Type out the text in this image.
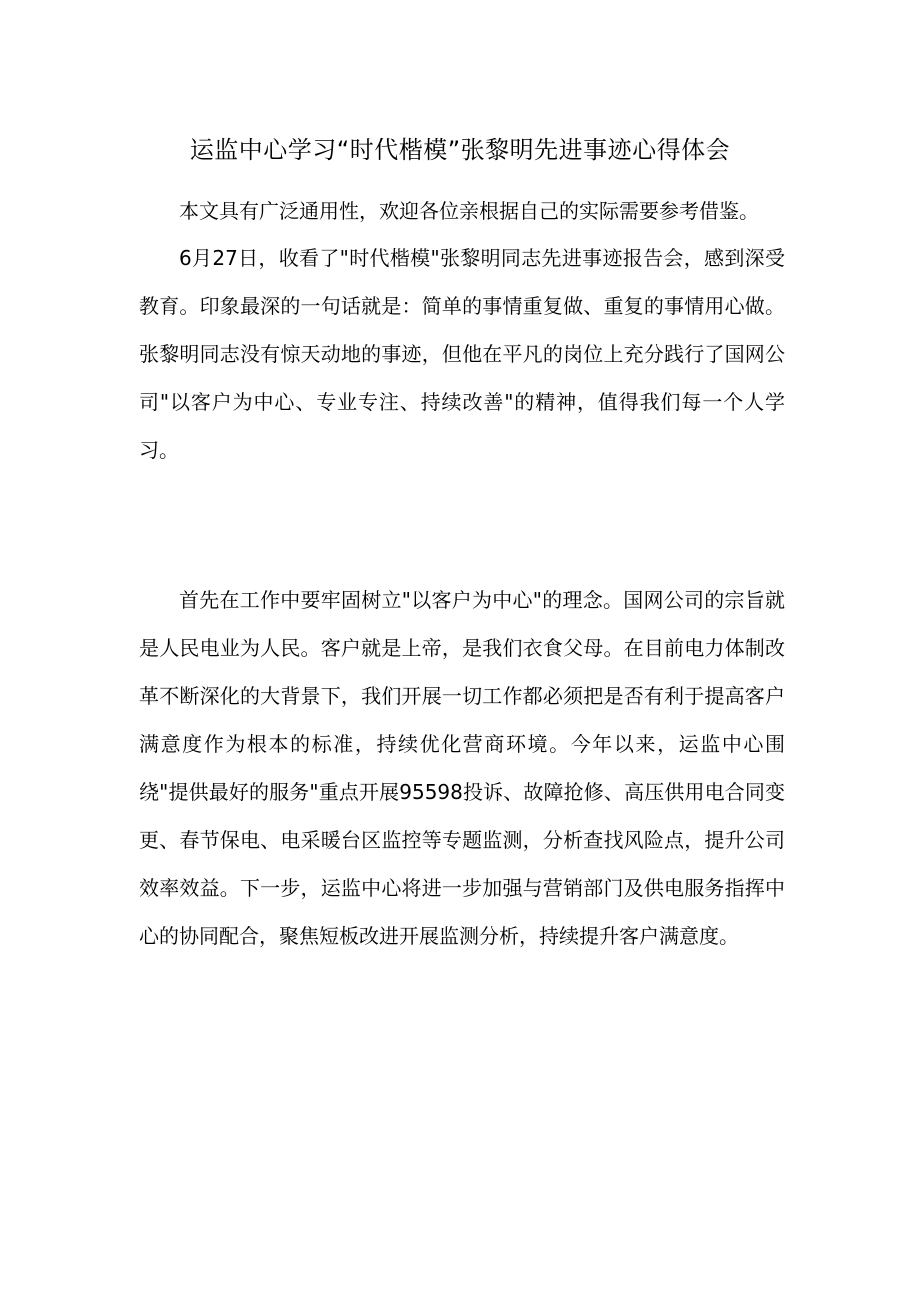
运监中心学习“时代楷模”张黎明先进事迹心得体会

本文具有广泛通用性，欢迎各位亲根据自己的实际需要参考借鉴。

6月27日，收看了"时代楷模"张黎明同志先进事迹报告会，感到深受教育。印象最深的一句话就是：简单的事情重复做、重复的事情用心做。张黎明同志没有惊天动地的事迹，但他在平凡的岗位上充分践行了国网公司"以客户为中心、专业专注、持续改善"的精神，值得我们每一个人学习。

首先在工作中要牢固树立"以客户为中心"的理念。国网公司的宗旨就是人民电业为人民。客户就是上帝，是我们衣食父母。在目前电力体制改革不断深化的大背景下，我们开展一切工作都必须把是否有利于提高客户满意度作为根本的标准，持续优化营商环境。今年以来，运监中心围绕"提供最好的服务"重点开展95598投诉、故障抢修、高压供用电合同变更、春节保电、电采暖台区监控等专题监测，分析查找风险点，提升公司效率效益。下一步，运监中心将进一步加强与营销部门及供电服务指挥中心的协同配合，聚焦短板改进开展监测分析，持续提升客户满意度。
